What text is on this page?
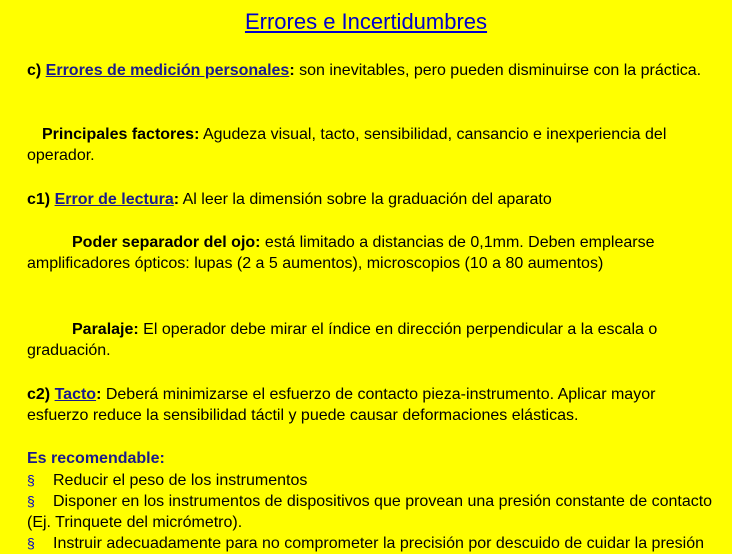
Errores e Incertidumbres
c) Errores de medición personales: son inevitables, pero pueden disminuirse con la práctica.
Principales factores: Agudeza visual, tacto, sensibilidad, cansancio e inexperiencia del operador.
c1) Error de lectura: Al leer la dimensión sobre la graduación del aparato
Poder separador del ojo: está limitado a distancias de 0,1mm. Deben emplearse amplificadores ópticos: lupas (2 a 5 aumentos), microscopios (10 a 80 aumentos)
Paralaje: El operador debe mirar el índice en dirección perpendicular a la escala o graduación.
c2) Tacto: Deberá minimizarse el esfuerzo de contacto pieza-instrumento. Aplicar mayor esfuerzo reduce la sensibilidad táctil y puede causar deformaciones elásticas.
Es recomendable:
§ Reducir el peso de los instrumentos
§ Disponer en los instrumentos de dispositivos que provean una presión constante de contacto (Ej. Trinquete del micrómetro).
§ Instruir adecuadamente para no comprometer la precisión por descuido de cuidar la presión
